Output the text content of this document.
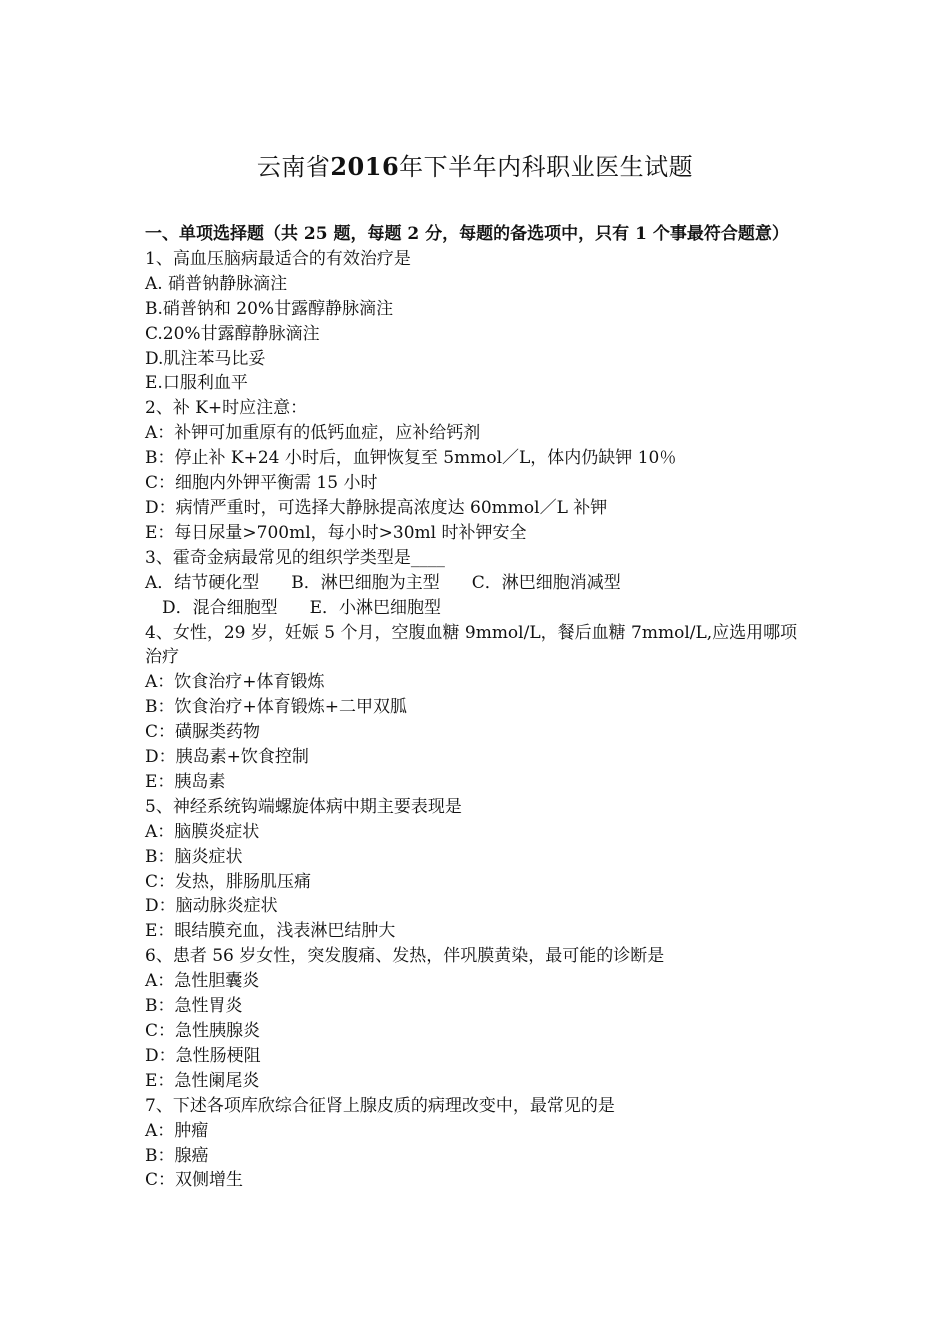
云南省2016年下半年内科职业医生试题
一、单项选择题（共 25 题，每题 2 分，每题的备选项中，只有 1 个事最符合题意）
1、高血压脑病最适合的有效治疗是
A. 硝普钠静脉滴注
B.硝普钠和 20%甘露醇静脉滴注
C.20%甘露醇静脉滴注
D.肌注苯马比妥
E.口服利血平
2、补 K+时应注意：
A：补钾可加重原有的低钙血症，应补给钙剂
B：停止补 K+24 小时后，血钾恢复至 5mmol／L，体内仍缺钾 10％
C：细胞内外钾平衡需 15 小时
D：病情严重时，可选择大静脉提高浓度达 60mmol／L 补钾
E：每日尿量>700ml，每小时>30ml 时补钾安全
3、霍奇金病最常见的组织学类型是____
A．结节硬化型 B．淋巴细胞为主型 C．淋巴细胞消减型
D．混合细胞型 E．小淋巴细胞型
4、女性，29 岁，妊娠 5 个月，空腹血糖 9mmol/L，餐后血糖 7mmol/L,应选用哪项治疗
A：饮食治疗+体育锻炼
B：饮食治疗+体育锻炼+二甲双胍
C：磺脲类药物
D：胰岛素+饮食控制
E：胰岛素
5、神经系统钩端螺旋体病中期主要表现是
A：脑膜炎症状
B：脑炎症状
C：发热，腓肠肌压痛
D：脑动脉炎症状
E：眼结膜充血，浅表淋巴结肿大
6、患者 56 岁女性，突发腹痛、发热，伴巩膜黄染，最可能的诊断是
A：急性胆囊炎
B：急性胃炎
C：急性胰腺炎
D：急性肠梗阻
E：急性阑尾炎
7、下述各项库欣综合征肾上腺皮质的病理改变中，最常见的是
A：肿瘤
B：腺癌
C：双侧增生
